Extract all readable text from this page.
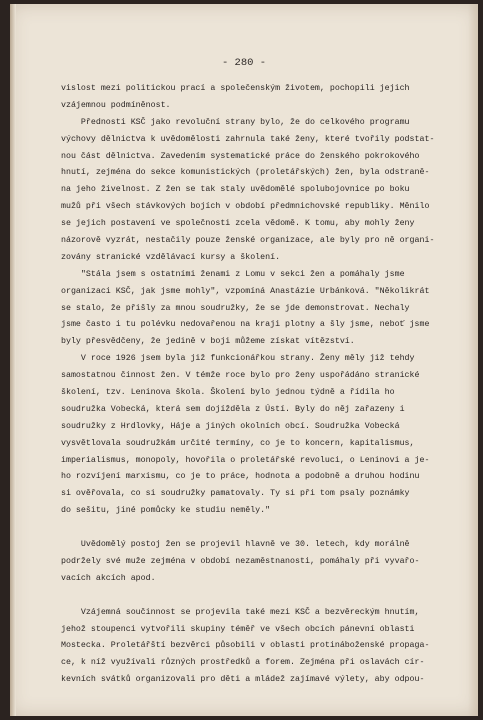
- 280 -
vislost mezi politickou prací a společenským životem, pochopili jejich
vzájemnou podmíněnost.
Přednosti KSČ jako revoluční strany bylo, že do celkového programu
výchovy dělnictva k uvědomělosti zahrnula také ženy, které tvořily podstat-
nou část dělnictva. Zavedením systematické práce do ženského pokrokového
hnutí, zejména do sekce komunistických (proletářských) žen, byla odstraně-
na jeho živelnost. Z žen se tak staly uvědomělé spolubojovnice po boku
mužů při všech stávkových bojích v období předmnichovské republiky. Měnilo
se jejich postavení ve společnosti zcela vědomě. K tomu, aby mohly ženy
názorově vyzrát, nestačily pouze ženské organizace, ale byly pro ně organi-
zovány stranické vzdělávací kursy a školení.
"Stála jsem s ostatními ženami z Lomu v sekci žen a pomáhaly jsme
organizaci KSČ, jak jsme mohly", vzpomíná Anastázie Urbánková. "Několikrát
se stalo, že přišly za mnou soudružky, že se jde demonstrovat. Nechaly
jsme často i tu polévku nedovařenou na kraji plotny a šly jsme, neboť jsme
byly přesvědčeny, že jedině v boji můžeme získat vítězství.
V roce 1926 jsem byla již funkcionářkou strany. Ženy měly již tehdy
samostatnou činnost žen. V témže roce bylo pro ženy uspořádáno stranické
školení, tzv. Leninova škola. Školení bylo jednou týdně a řídila ho
soudružka Vobecká, která sem dojížděla z Ústí. Byly do něj zařazeny i
soudružky z Hrdlovky, Háje a jiných okolních obcí. Soudružka Vobecká
vysvětlovala soudružkám určité termíny, co je to koncern, kapitalismus,
imperialismus, monopoly, hovořila o proletářské revoluci, o Leninovi a je-
ho rozvíjení marxismu, co je to práce, hodnota a podobně a druhou hodinu
si ověřovala, co si soudružky pamatovaly. Ty si při tom psaly poznámky
do sešitu, jiné pomůcky ke studiu neměly."
Uvědomělý postoj žen se projevil hlavně ve 30. letech, kdy morálně
podržely své muže zejména v období nezaměstnanosti, pomáhaly při vyvařo-
vacích akcích apod.
Vzájemná součinnost se projevila také mezi KSČ a bezvěreckým hnutím,
jehož stoupenci vytvořili skupiny téměř ve všech obcích pánevní oblasti
Mostecka. Proletářští bezvěrci působili v oblasti protináboženské propaga-
ce, k níž využívali různých prostředků a forem. Zejména při oslavách cír-
kevních svátků organizovali pro děti a mládež zajímavé výlety, aby odpou-
